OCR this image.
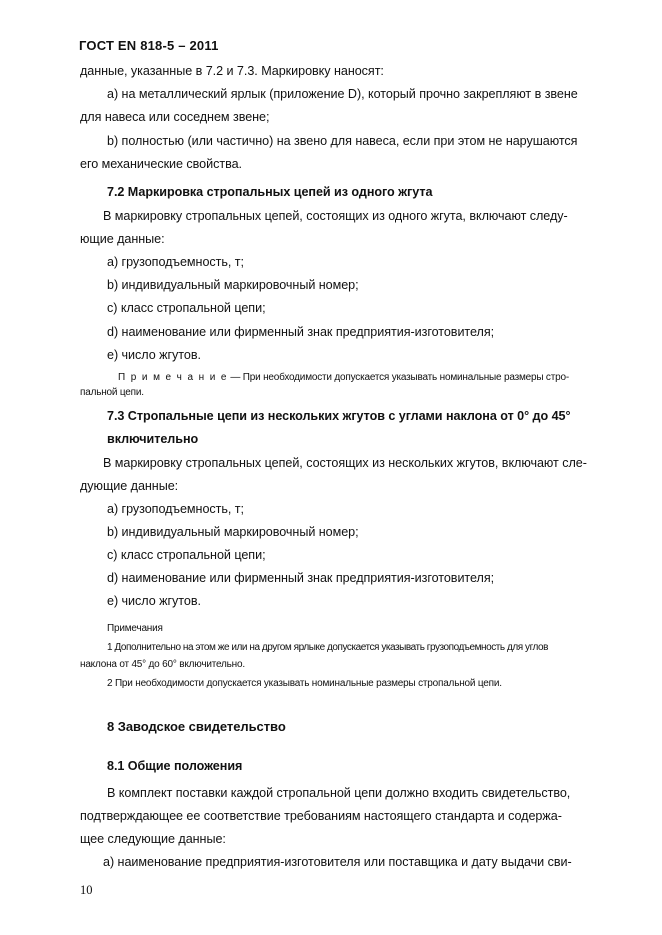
ГОСТ EN 818-5 – 2011
данные, указанные в 7.2 и 7.3. Маркировку наносят:
а) на металлический ярлык (приложение D), который прочно закрепляют в звене
для навеса или соседнем звене;
b) полностью (или частично) на звено для навеса, если при этом не нарушаются
его механические свойства.
7.2 Маркировка стропальных цепей из одного жгута
В маркировку стропальных цепей, состоящих из одного жгута, включают следу-
ющие данные:
a) грузоподъемность, т;
b) индивидуальный маркировочный номер;
c) класс стропальной цепи;
d) наименование или фирменный знак предприятия-изготовителя;
e) число жгутов.
П р и м е ч а н и е — При необходимости допускается указывать номинальные размеры стро-
пальной цепи.
7.3 Стропальные цепи из нескольких жгутов с углами наклона от 0° до 45°
включительно
В маркировку стропальных цепей, состоящих из нескольких жгутов, включают сле-
дующие данные:
a) грузоподъемность, т;
b) индивидуальный маркировочный номер;
c) класс стропальной цепи;
d) наименование или фирменный знак предприятия-изготовителя;
e) число жгутов.
Примечания
1 Дополнительно на этом же или на другом ярлыке допускается указывать грузоподъемность для углов
наклона от 45° до 60° включительно.
2 При необходимости допускается указывать номинальные размеры стропальной цепи.
8 Заводское свидетельство
8.1 Общие положения
В комплект поставки каждой стропальной цепи должно входить свидетельство,
подтверждающее ее соответствие требованиям настоящего стандарта и содержа-
щее следующие данные:
а) наименование предприятия-изготовителя или поставщика и дату выдачи сви-
10
